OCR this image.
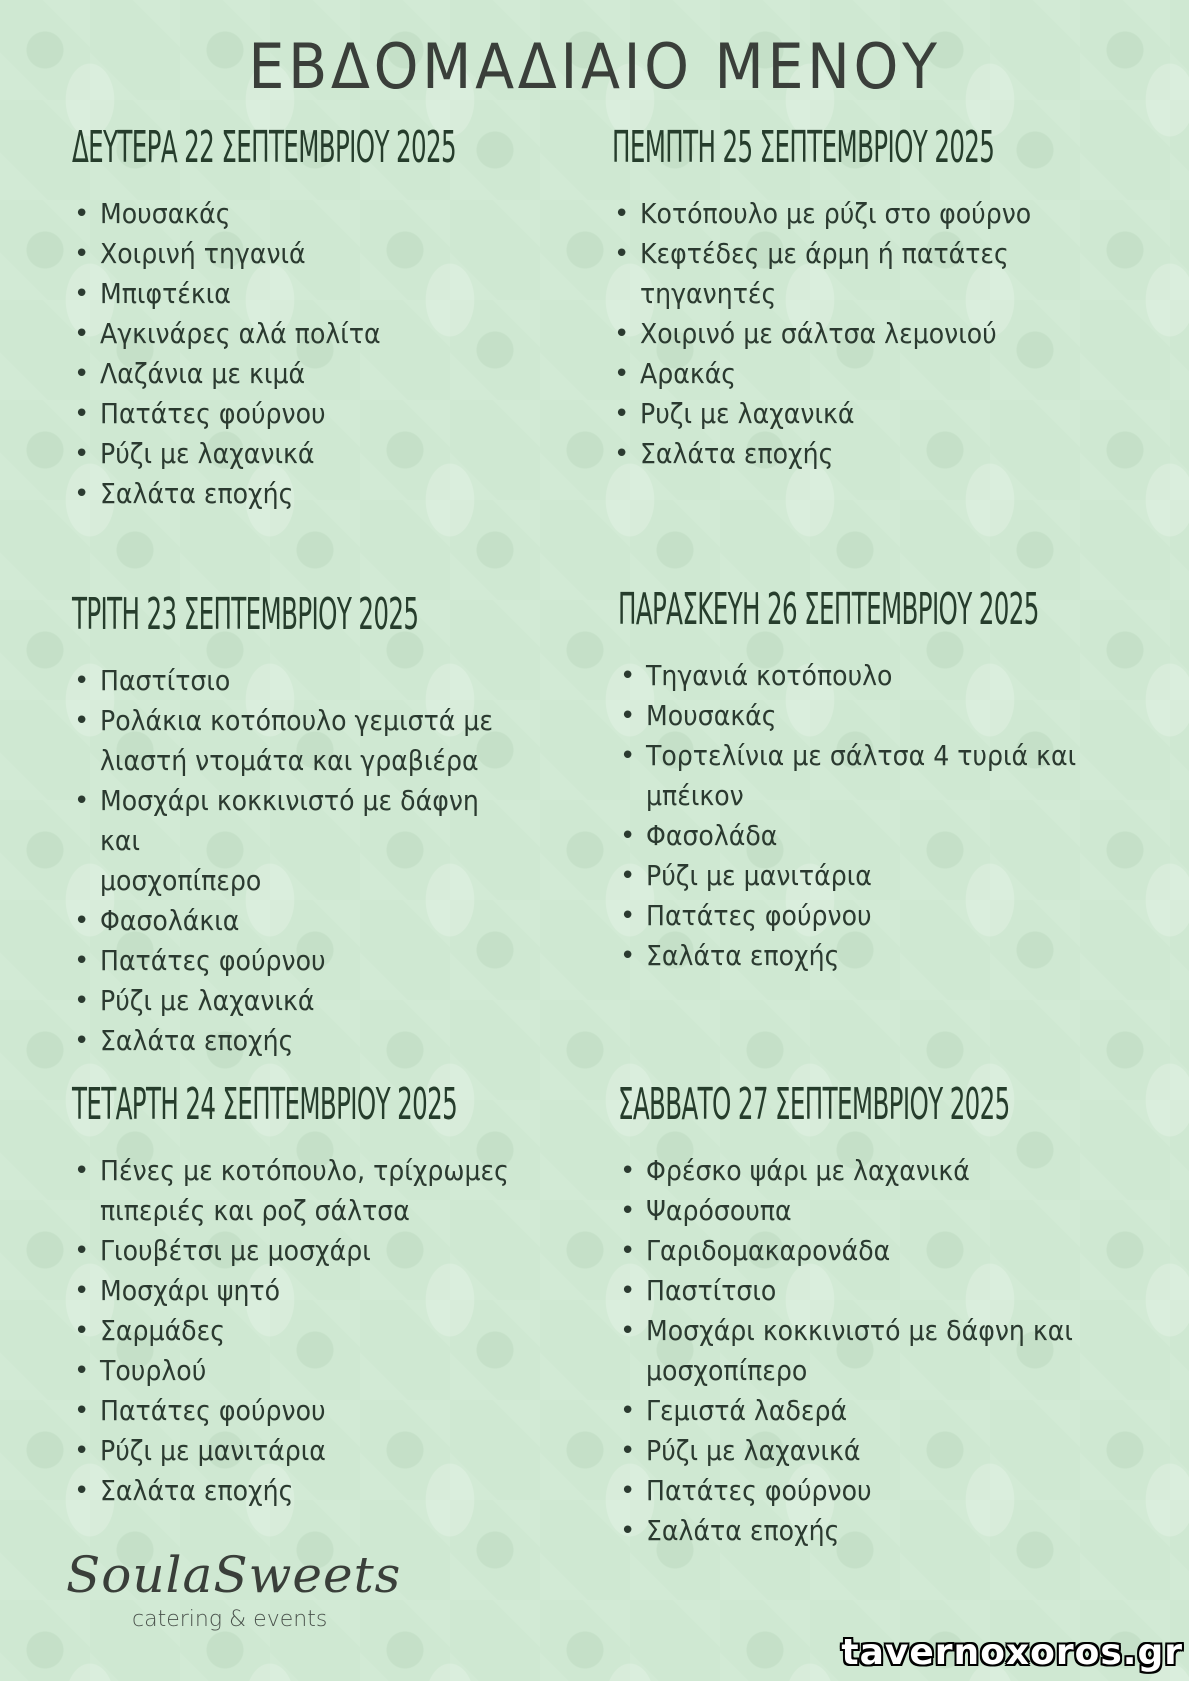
ΕΒΔΟΜΑΔΙΑΙΟ ΜΕΝΟΥ
ΔΕΥΤΕΡΑ 22 ΣΕΠΤΕΜΒΡΙΟΥ 2025
• Μουσακάς
• Χοιρινή τηγανιά
• Μπιφτέκια
• Αγκινάρες αλά πολίτα
• Λαζάνια με κιμά
• Πατάτες φούρνου
• Ρύζι με λαχανικά
• Σαλάτα εποχής
ΤΡΙΤΗ 23 ΣΕΠΤΕΜΒΡΙΟΥ 2025
• Παστίτσιο
• Ρολάκια κοτόπουλο γεμιστά με
λιαστή ντομάτα και γραβιέρα
• Μοσχάρι κοκκινιστό με δάφνη και
μοσχοπίπερο
• Φασολάκια
• Πατάτες φούρνου
• Ρύζι με λαχανικά
• Σαλάτα εποχής
ΤΕΤΑΡΤΗ 24 ΣΕΠΤΕΜΒΡΙΟΥ 2025
• Πένες με κοτόπουλο, τρίχρωμες
πιπεριές και ροζ σάλτσα
• Γιουβέτσι με μοσχάρι
• Μοσχάρι ψητό
• Σαρμάδες
• Τουρλού
• Πατάτες φούρνου
• Ρύζι με μανιτάρια
• Σαλάτα εποχής
ΠΕΜΠΤΗ 25 ΣΕΠΤΕΜΒΡΙΟΥ 2025
• Κοτόπουλο με ρύζι στο φούρνο
• Κεφτέδες με άρμη ή πατάτες
τηγανητές
• Χοιρινό με σάλτσα λεμονιού
• Αρακάς
• Ρυζι με λαχανικά
• Σαλάτα εποχής
ΠΑΡΑΣΚΕΥΗ 26 ΣΕΠΤΕΜΒΡΙΟΥ 2025
• Τηγανιά κοτόπουλο
• Μουσακάς
• Τορτελίνια με σάλτσα 4 τυριά και
μπέικον
• Φασολάδα
• Ρύζι με μανιτάρια
• Πατάτες φούρνου
• Σαλάτα εποχής
ΣΑΒΒΑΤΟ 27 ΣΕΠΤΕΜΒΡΙΟΥ 2025
• Φρέσκο ψάρι με λαχανικά
• Ψαρόσουπα
• Γαριδομακαρονάδα
• Παστίτσιο
• Μοσχάρι κοκκινιστό με δάφνη και
μοσχοπίπερο
• Γεμιστά λαδερά
• Ρύζι με λαχανικά
• Πατάτες φούρνου
• Σαλάτα εποχής
SoulaSweets
catering & events
tavernoxoros.gr
